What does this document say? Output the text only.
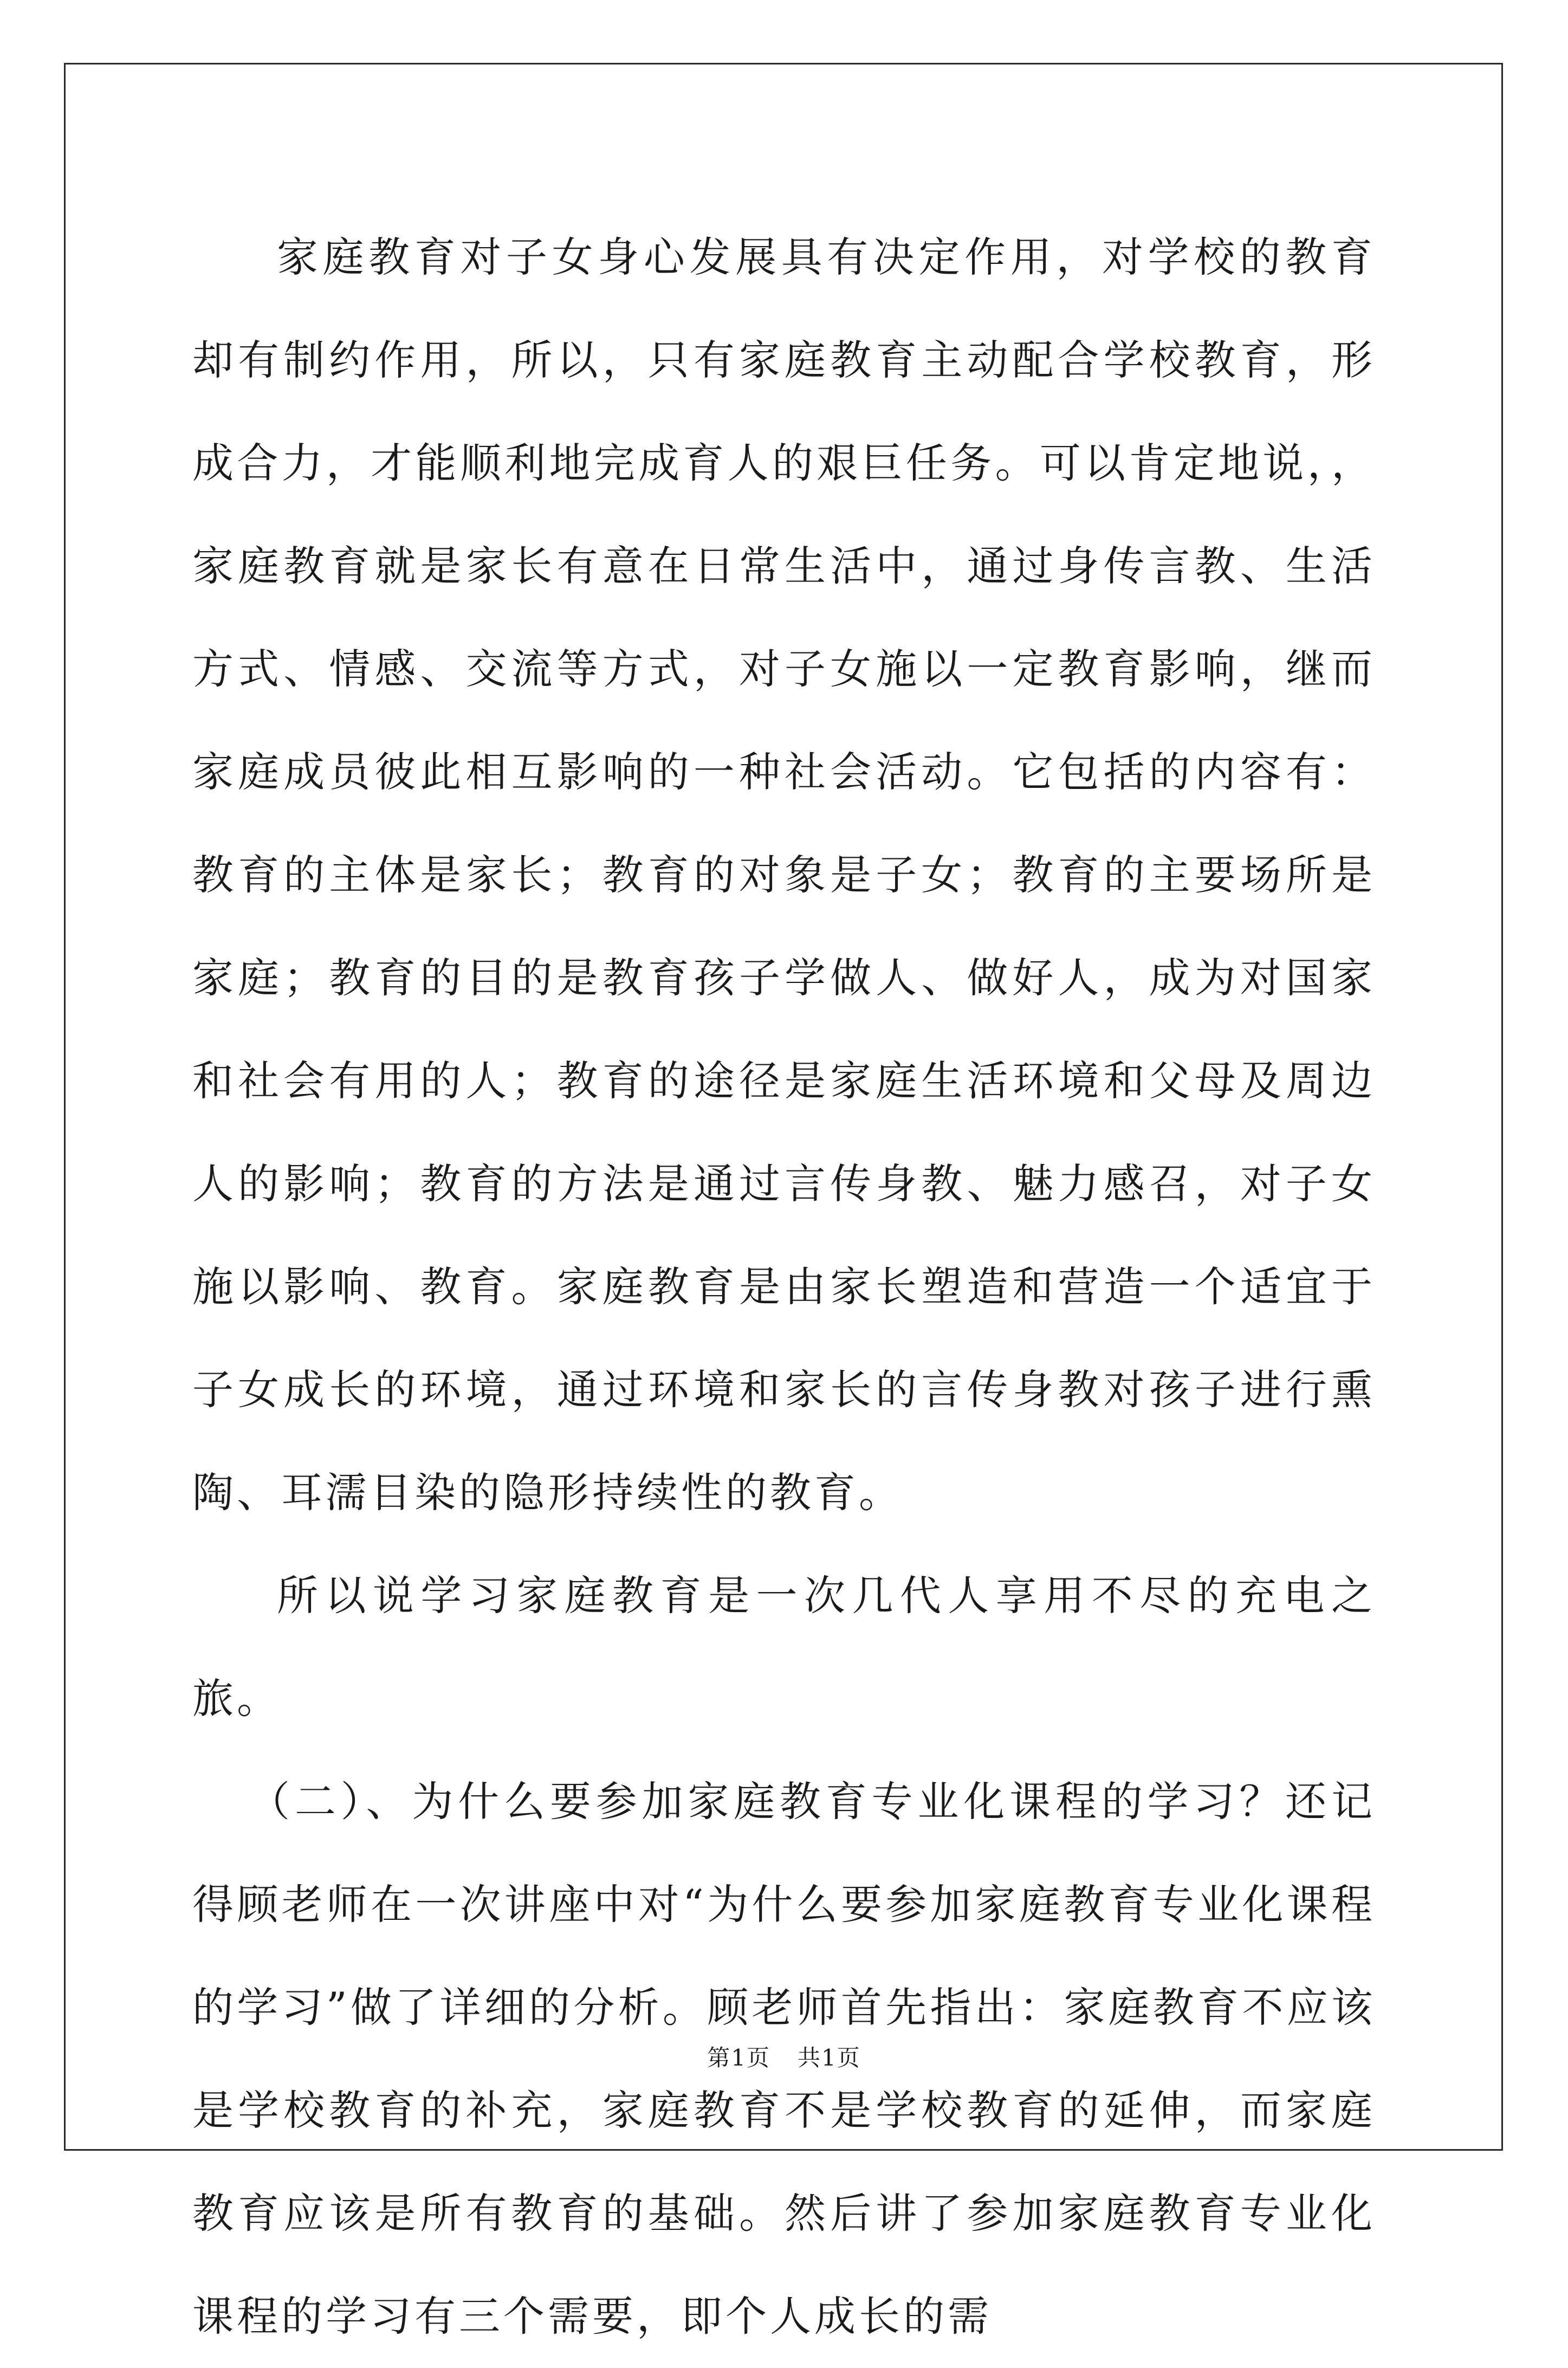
家庭教育对子女身心发展具有决定作用，对学校的教育却有制约作用，所以，只有家庭教育主动配合学校教育，形成合力，才能顺利地完成育人的艰巨任务。可以肯定地说，，家庭教育就是家长有意在日常生活中，通过身传言教、生活方式、情感、交流等方式，对子女施以一定教育影响，继而家庭成员彼此相互影响的一种社会活动。它包括的内容有：教育的主体是家长；教育的对象是子女；教育的主要场所是家庭；教育的目的是教育孩子学做人、做好人，成为对国家和社会有用的人；教育的途径是家庭生活环境和父母及周边人的影响；教育的方法是通过言传身教、魅力感召，对子女施以影响、教育。家庭教育是由家长塑造和营造一个适宜于子女成长的环境，通过环境和家长的言传身教对孩子进行熏陶、耳濡目染的隐形持续性的教育。

所以说学习家庭教育是一次几代人享用不尽的充电之旅。

（二）、为什么要参加家庭教育专业化课程的学习？还记得顾老师在一次讲座中对“为什么要参加家庭教育专业化课程的学习”做了详细的分析。顾老师首先指出：家庭教育不应该是学校教育的补充，家庭教育不是学校教育的延伸，而家庭教育应该是所有教育的基础。然后讲了参加家庭教育专业化课程的学习有三个需要，即个人成长的需

第1页 共1页
